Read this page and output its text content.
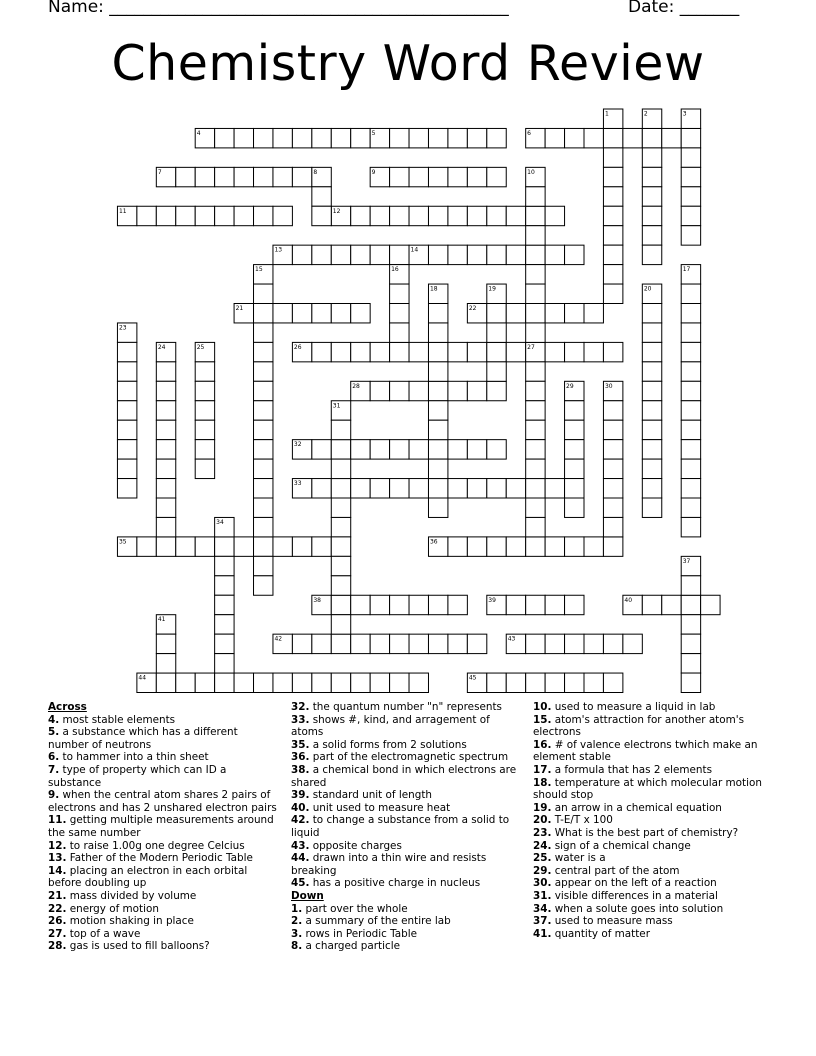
Name: _______________________________________________	Date: _______
Chemistry Word Review
4	5	6
7	9
11	12
13	14
21	22
26	27
28
32
33
35	36
38	39	40
42	43
44	45
1	2	3
8	10
15	16	17
18	19	20
23
24	25
29	30
31
34
37
41
Across
4. most stable elements
5. a substance which has a different number of neutrons
6. to hammer into a thin sheet
7. type of property which can ID a substance
9. when the central atom shares 2 pairs of electrons and has 2 unshared electron pairs
11. getting multiple measurements around the same number
12. to raise 1.00g one degree Celcius
13. Father of the Modern Periodic Table
14. placing an electron in each orbital before doubling up
21. mass divided by volume
22. energy of motion
26. motion shaking in place
27. top of a wave
28. gas is used to fill balloons?
32. the quantum number "n" represents
33. shows #, kind, and arragement of atoms
35. a solid forms from 2 solutions
36. part of the electromagnetic spectrum
38. a chemical bond in which electrons are shared
39. standard unit of length
40. unit used to measure heat
42. to change a substance from a solid to liquid
43. opposite charges
44. drawn into a thin wire and resists breaking
45. has a positive charge in nucleus
Down
1. part over the whole
2. a summary of the entire lab
3. rows in Periodic Table
8. a charged particle
10. used to measure a liquid in lab
15. atom's attraction for another atom's electrons
16. # of valence electrons twhich make an element stable
17. a formula that has 2 elements
18. temperature at which molecular motion should stop
19. an arrow in a chemical equation
20. T-E/T x 100
23. What is the best part of chemistry?
24. sign of a chemical change
25. water is a
29. central part of the atom
30. appear on the left of a reaction
31. visible differences in a material
34. when a solute goes into solution
37. used to measure mass
41. quantity of matter
